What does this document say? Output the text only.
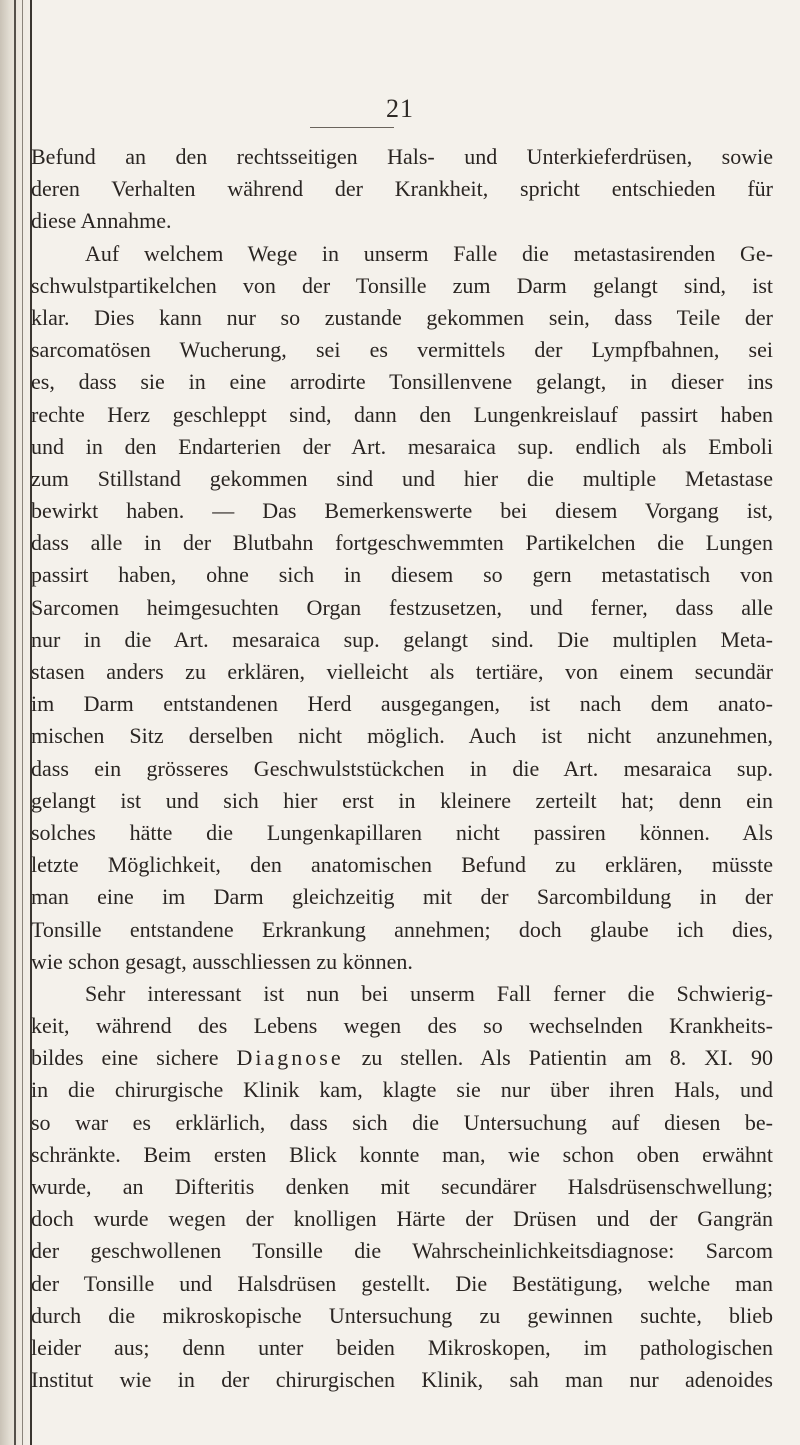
21
Befund an den rechtsseitigen Hals- und Unterkieferdrüsen, sowie
deren Verhalten während der Krankheit, spricht entschieden für
diese Annahme.
Auf welchem Wege in unserm Falle die metastasirenden Ge-
schwulstpartikelchen von der Tonsille zum Darm gelangt sind, ist
klar. Dies kann nur so zustande gekommen sein, dass Teile der
sarcomatösen Wucherung, sei es vermittels der Lympfbahnen, sei
es, dass sie in eine arrodirte Tonsillenvene gelangt, in dieser ins
rechte Herz geschleppt sind, dann den Lungenkreislauf passirt haben
und in den Endarterien der Art. mesaraica sup. endlich als Emboli
zum Stillstand gekommen sind und hier die multiple Metastase
bewirkt haben. — Das Bemerkenswerte bei diesem Vorgang ist,
dass alle in der Blutbahn fortgeschwemmten Partikelchen die Lungen
passirt haben, ohne sich in diesem so gern metastatisch von
Sarcomen heimgesuchten Organ festzusetzen, und ferner, dass alle
nur in die Art. mesaraica sup. gelangt sind. Die multiplen Meta-
stasen anders zu erklären, vielleicht als tertiäre, von einem secundär
im Darm entstandenen Herd ausgegangen, ist nach dem anato-
mischen Sitz derselben nicht möglich. Auch ist nicht anzunehmen,
dass ein grösseres Geschwulststückchen in die Art. mesaraica sup.
gelangt ist und sich hier erst in kleinere zerteilt hat; denn ein
solches hätte die Lungenkapillaren nicht passiren können. Als
letzte Möglichkeit, den anatomischen Befund zu erklären, müsste
man eine im Darm gleichzeitig mit der Sarcombildung in der
Tonsille entstandene Erkrankung annehmen; doch glaube ich dies,
wie schon gesagt, ausschliessen zu können.
Sehr interessant ist nun bei unserm Fall ferner die Schwierig-
keit, während des Lebens wegen des so wechselnden Krankheits-
bildes eine sichere Diagnose zu stellen. Als Patientin am 8. XI. 90
in die chirurgische Klinik kam, klagte sie nur über ihren Hals, und
so war es erklärlich, dass sich die Untersuchung auf diesen be-
schränkte. Beim ersten Blick konnte man, wie schon oben erwähnt
wurde, an Difteritis denken mit secundärer Halsdrüsenschwellung;
doch wurde wegen der knolligen Härte der Drüsen und der Gangrän
der geschwollenen Tonsille die Wahrscheinlichkeitsdiagnose: Sarcom
der Tonsille und Halsdrüsen gestellt. Die Bestätigung, welche man
durch die mikroskopische Untersuchung zu gewinnen suchte, blieb
leider aus; denn unter beiden Mikroskopen, im pathologischen
Institut wie in der chirurgischen Klinik, sah man nur adenoides
